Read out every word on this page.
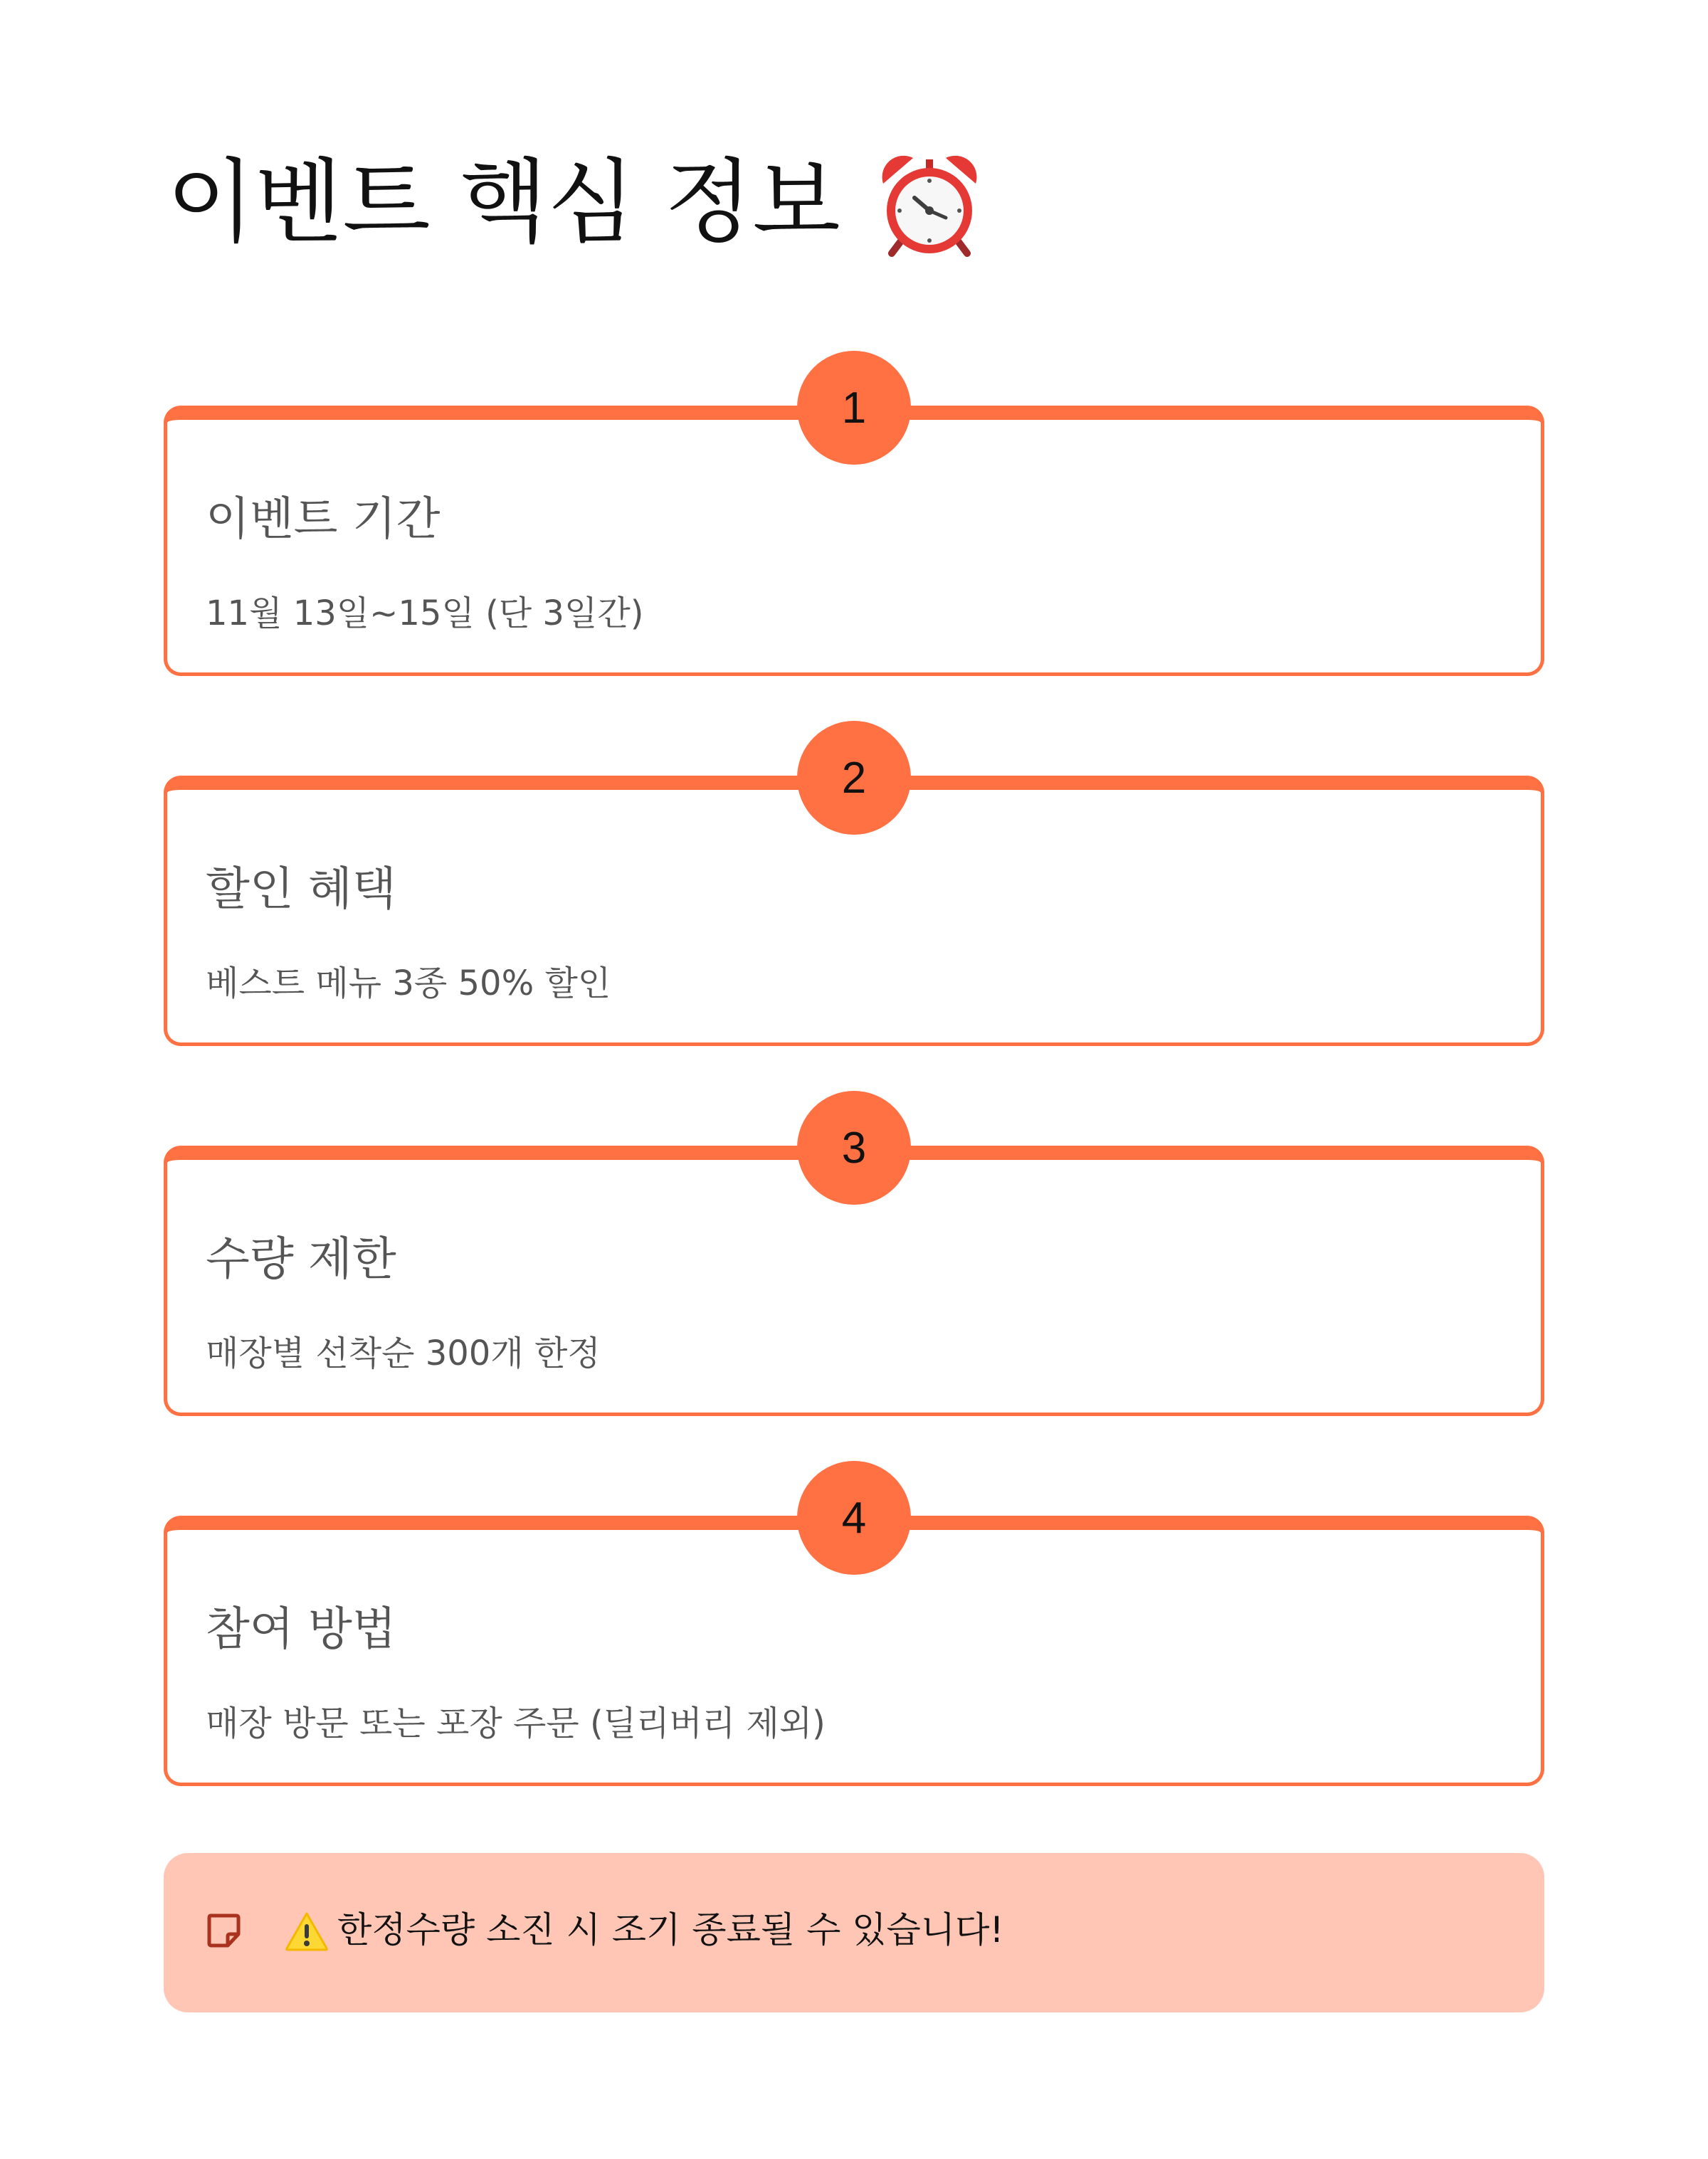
이벤트 핵심 정보
1
이벤트 기간
11월 13일~15일 (단 3일간)
2
할인 혜택
베스트 메뉴 3종 50% 할인
3
수량 제한
매장별 선착순 300개 한정
4
참여 방법
매장 방문 또는 포장 주문 (딜리버리 제외)
한정수량 소진 시 조기 종료될 수 있습니다!
